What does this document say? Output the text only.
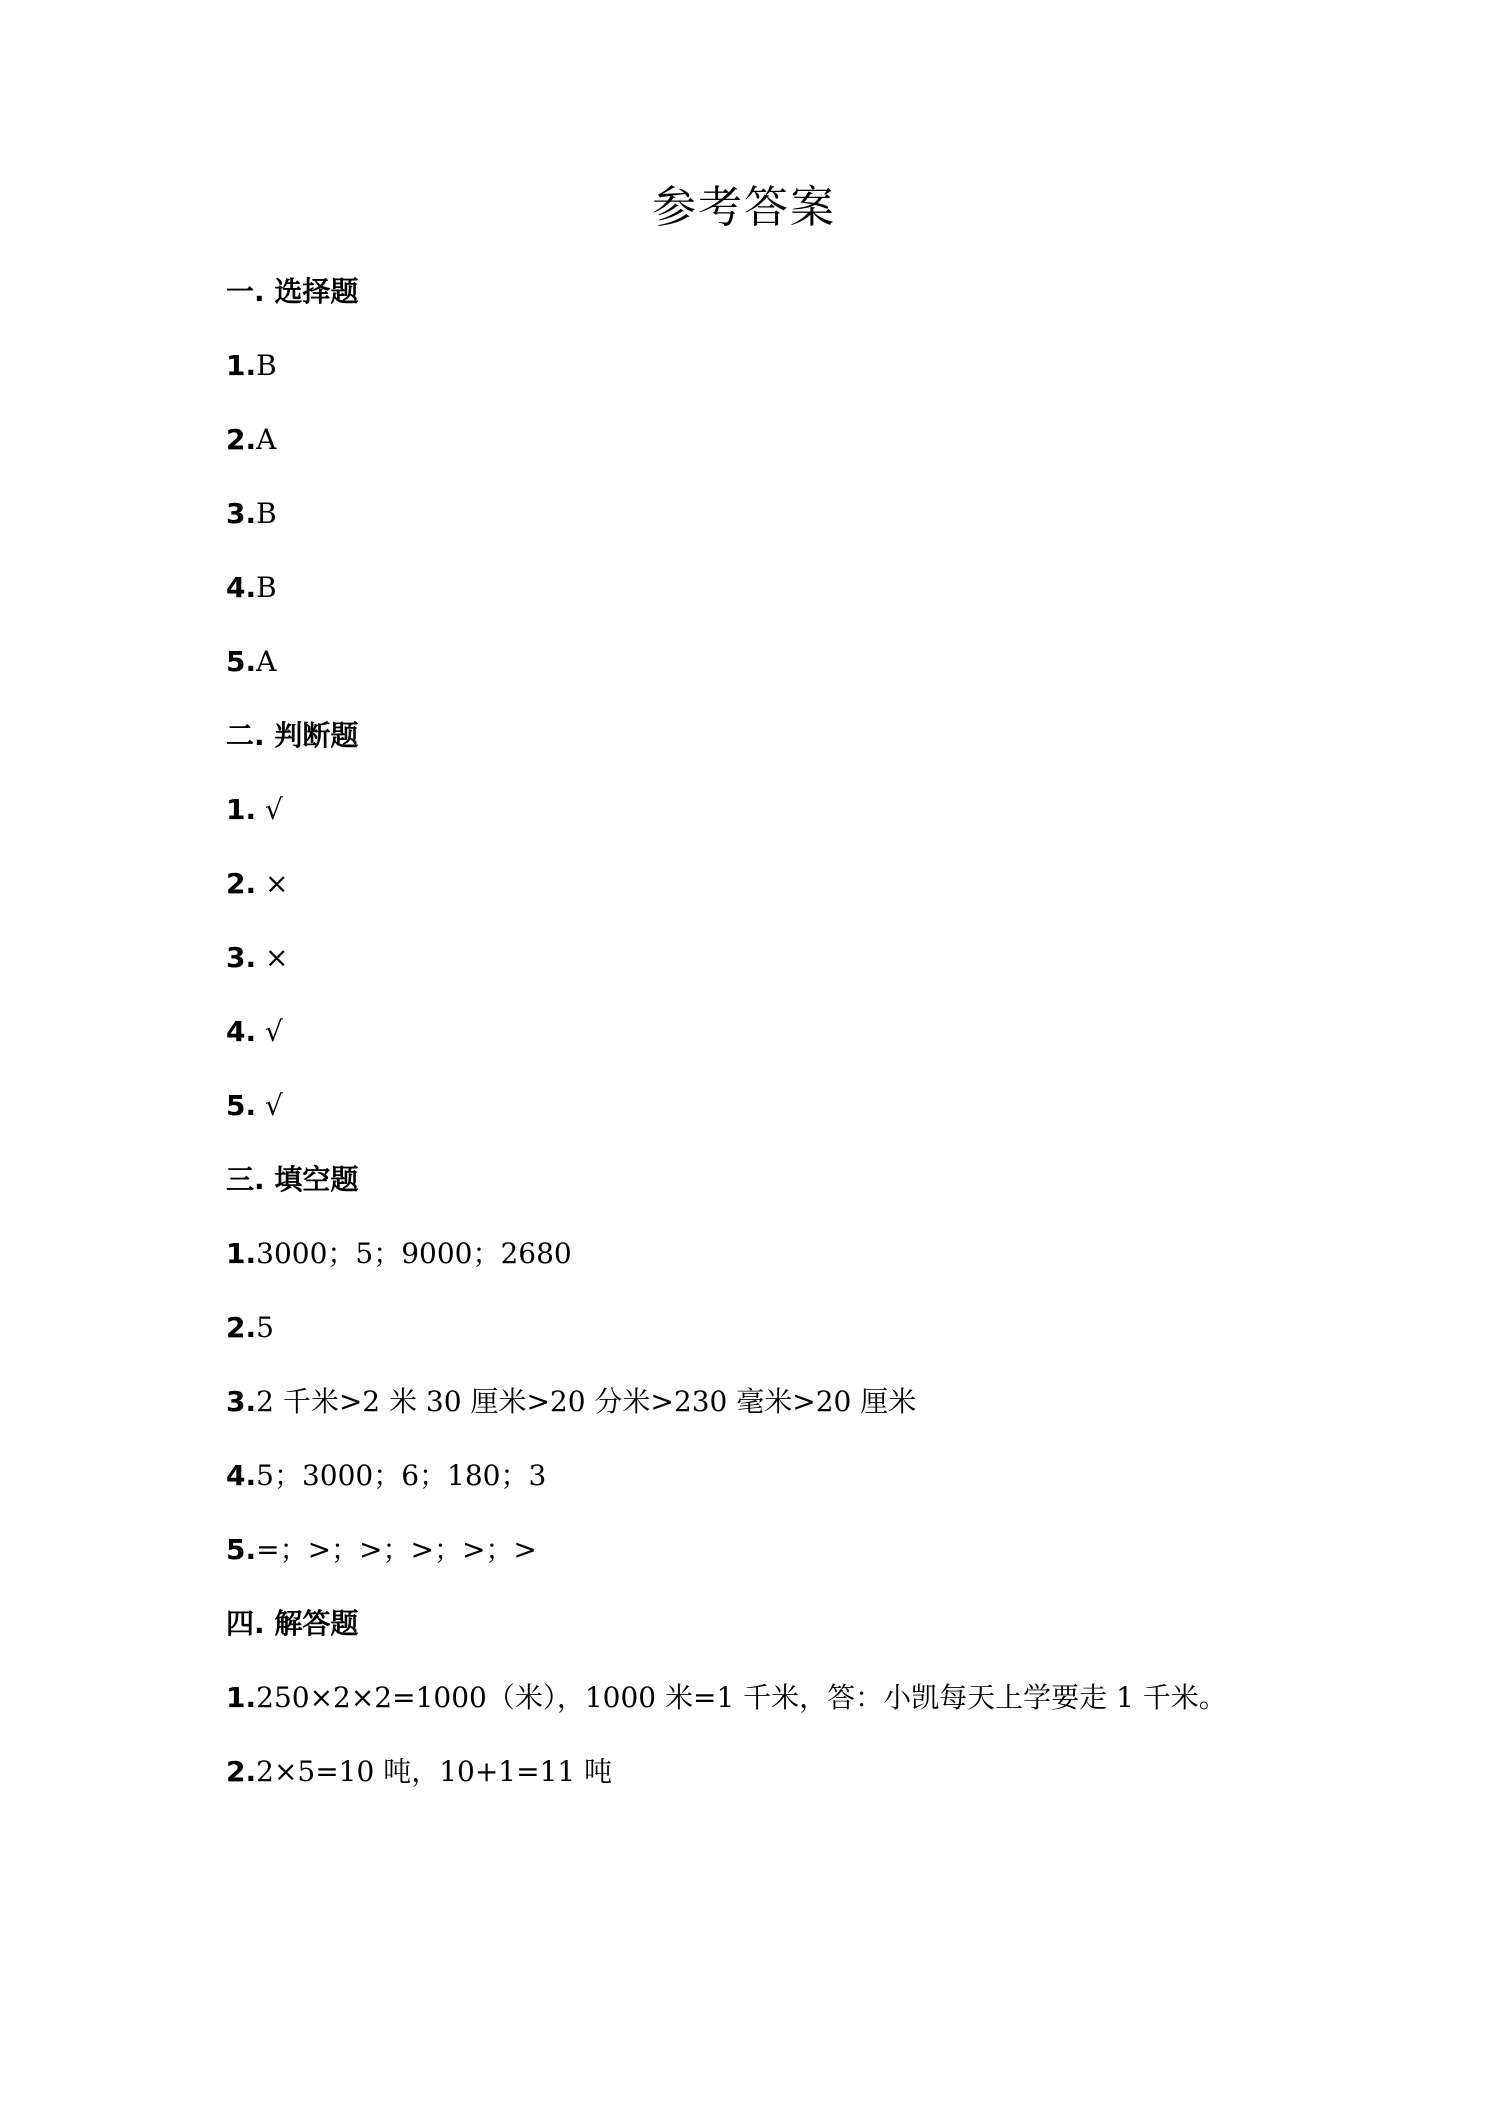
参考答案
一. 选择题
1.B
2.A
3.B
4.B
5.A
二. 判断题
1. √
2. ×
3. ×
4. √
5. √
三. 填空题
1.3000；5；9000；2680
2.5
3.2 千米>2 米 30 厘米>20 分米>230 毫米>20 厘米
4.5；3000；6；180；3
5.=；>；>；>；>；>
四. 解答题
1.250×2×2=1000（米），1000 米=1 千米，答：小凯每天上学要走 1 千米。
2.2×5=10 吨，10+1=11 吨
